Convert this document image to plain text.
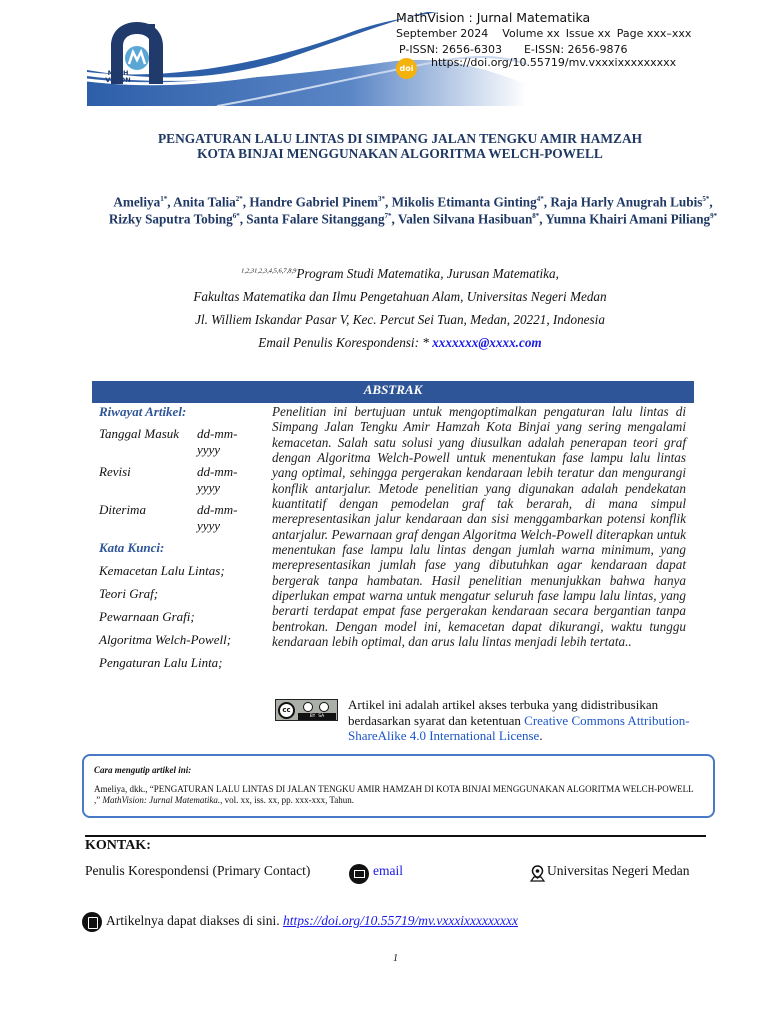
MATH VISION
MathVision : Jurnal Matematika
September 2024 Volume xx Issue xx Page xxx–xxx
P-ISSN: 2656-6303 E-ISSN: 2656-9876
doi	https://doi.org/10.55719/mv.vxxxixxxxxxxxx
PENGATURAN LALU LINTAS DI SIMPANG JALAN TENGKU AMIR HAMZAH
KOTA BINJAI MENGGUNAKAN ALGORITMA WELCH-POWELL
Ameliya$^{1*}$, Anita Talia$^{2*}$, Handre Gabriel Pinem$^{3*}$, Mikolis Etimanta Ginting$^{4*}$, Raja Harly Anugrah Lubis$^{5*}$, Rizky Saputra Tobing$^{6*}$, Santa Falare Sitanggang$^{7*}$, Valen Silvana Hasibuan$^{8*}$, Yumna Khairi Amani Piliang$^{9*}$
$^{1,2,31,2,3,4,5,6,7,8,9}$Program Studi Matematika, Jurusan Matematika,
Fakultas Matematika dan Ilmu Pengetahuan Alam, Universitas Negeri Medan
Jl. Williem Iskandar Pasar V, Kec. Percut Sei Tuan, Medan, 20221, Indonesia
Email Penulis Korespondensi: * xxxxxxx@xxxx.com
ABSTRAK
Riwayat Artikel:
Tanggal Masuk	dd-mm-yyyy
Revisi	dd-mm-yyyy
Diterima	dd-mm-yyyy
Kata Kunci:
Kemacetan Lalu Lintas;
Teori Graf;
Pewarnaan Grafi;
Algoritma Welch-Powell;
Pengaturan Lalu Linta;
Penelitian ini bertujuan untuk mengoptimalkan pengaturan lalu lintas di Simpang Jalan Tengku Amir Hamzah Kota Binjai yang sering mengalami kemacetan. Salah satu solusi yang diusulkan adalah penerapan teori graf dengan Algoritma Welch-Powell untuk menentukan fase lampu lalu lintas yang optimal, sehingga pergerakan kendaraan lebih teratur dan mengurangi konflik antarjalur. Metode penelitian yang digunakan adalah pendekatan kuantitatif dengan pemodelan graf tak berarah, di mana simpul merepresentasikan jalur kendaraan dan sisi menggambarkan potensi konflik antarjalur. Pewarnaan graf dengan Algoritma Welch-Powell diterapkan untuk menentukan fase lampu lalu lintas dengan jumlah warna minimum, yang merepresentasikan jumlah fase yang dibutuhkan agar kendaraan dapat bergerak tanpa hambatan. Hasil penelitian menunjukkan bahwa hanya diperlukan empat warna untuk mengatur seluruh fase lampu lalu lintas, yang berarti terdapat empat fase pergerakan kendaraan secara bergantian tanpa bentrokan. Dengan model ini, kemacetan dapat dikurangi, waktu tunggu kendaraan lebih optimal, dan arus lalu lintas menjadi lebih tertata..
cc
BY  SA
Artikel ini adalah artikel akses terbuka yang didistribusikan berdasarkan syarat dan ketentuan Creative Commons Attribution-ShareAlike 4.0 International License.
Cara mengutip artikel ini:
Ameliya, dkk., “PENGATURAN LALU LINTAS DI JALAN TENGKU AMIR HAMZAH DI KOTA BINJAI MENGGUNAKAN ALGORITMA WELCH-POWELL ,” MathVision: Jurnal Matematika., vol. xx, iss. xx, pp. xxx-xxx, Tahun.
KONTAK:
Penulis Korespondensi (Primary Contact)	email	Universitas Negeri Medan
Artikelnya dapat diakses di sini. https://doi.org/10.55719/mv.vxxxixxxxxxxxx
1
